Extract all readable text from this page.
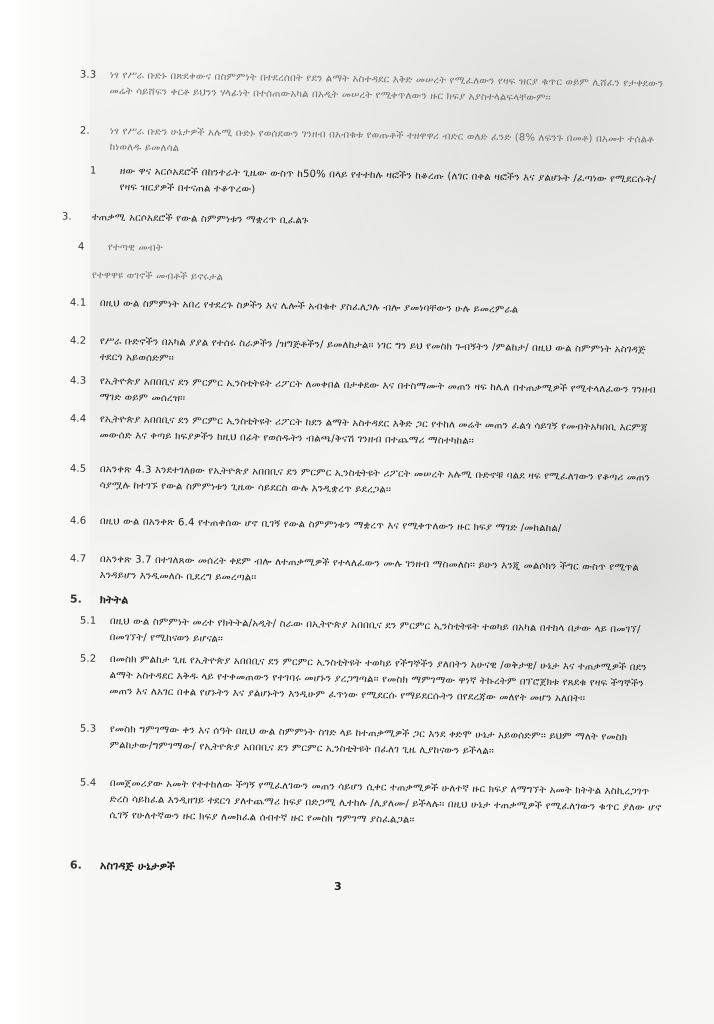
3.3 ነፃ የሥራ ቡድኑ በጽደቀውና በስምምነት በተደረሰበት የደን ልማት አስተዳደር እቅድ መሠረት የሚፈለውን የዛፍ ዝርያ ቁጥር ወይም ሊሸፈን የታቀደውን መሬት ሳይሸፍን ቀርቶ ይህንን ሃላፊነት በተሰጠውአካል በአዲት መሠረት የሚቀጥለውን ዙር ክፍያ አያስተላልፍላቸውም፡፡
2. ነፃ የሥራ ቡድን ሁኔታዎች አሉሚ ቡድኑ የወሰደውን ገንዘብ በአብቁቱ የወጡቶች ተዘዋዋሪ ብድር ወለድ ፈንድ (8% ለፍንጉ በመቶ) በአመተ ተሰልቶ ከነወለዱ ይመለሳል
1 ዘው ዋና አርሶአደሮች በከንተራት ጊዜው ውስጥ ከ50% በላይ የተተከሉ ዛፎችን ከቆረጡ (ለገር በቀል ዛፎችን እና ያልሆኑት /ፈጣነው የሚደርሱት/ የዛፍ ዝርያዎች በተናጠል ተቆጥረው)
3. ተጠቃሚ አርሶአደሮች የውል ስምምነቱን ማቋረጥ ቢፈልጉ
4 የተጣዊ መብት
የተዋዋዩ ወገኖች መብቶች ይኖሩታል
4.1 በዚህ ውል ስምምነት አበረ የተደረጉ ስዎችን እና ሌሎች አብቁተ ያስፈለጋሉ ብሎ ያመነባቸውን ሁሉ ይመረምራል
4.2 የሥራ ቡድኖችን በአካል ያያል የተሰሩ ስራዎችን /ዝግጅቶችን/ ይመለከታል፡፡ ነገር ግን ይህ የመስክ ጉብኝትን /ምልከታ/ በዚህ ውል ስምምነት አስገዳጅ ተደርጎ አይወሰድም፡፡
4.3 የኢትዮጵያ አበበቢና ደን ምርምር ኢንስቲትዩት ሪፖርት ለመቀበል በታቀደው እና በተስማሙት መጠን ዛፍ ከሌለ በተጠቃሚዎች የሚተላለፈውን ገንዘብ ማገድ ወይም መሰረዝ፡፡
4.4 የኢትዮጵያ አበበቢና ደን ምርምር ኢንስቲትዩት ሪፖርት ከደን ልማት አስተዳደር እቅድ ጋር የተከለ መሬት መጠን ፈልጎ ሳይገኝ የመብትአካበቢ እርምጃ መውሰድ እና ቀጣይ ክፍያዎችን ከዚህ በፊት የወሰዱትን ብልጫ/ቅናሽ ገንዘብ በተጨማሪ ማስተካከል፡፡
4.5 በአንቀጽ 4.3 እንደተገለፀው የኢትዮጵያ አበበቢና ደን ምርምር ኢንስቲትዩት ሪፖርት መሠረት አሉሚ ቡድኖቹ ባልደ ዛፍ የሚፈለገውን የቆጣሪ መጠን ሳያሟሉ ከተገኙ የውል ስምምነቱን ጊዜው ሳይደርስ ውሉ እንዲቋረጥ ይደረጋል፡፡
4.6 በዚህ ውል በአንቀጽ 6.4 የተጠቀሰው ሆኖ ቢገኝ የውል ስምምነቱን ማቋረጥ እና የሚቀጥለውን ዙር ክፍያ ማገድ /መከልከል/
4.7 በአንቀጽ 3.7 በተገለጸው መሰረት ቀደም ብሎ ለተጠቃሚዎች የተላለፈውን ሙሉ ገንዘብ ማስመለስ፡፡ ይሁን እንጂ መልሶክን ችግር ውስጥ የሚጥል እንዳይሆን እንዲመለሱ ቢደረግ ይመረጣል፡፡
5. ክትትል
5.1 በዚህ ውል ስምምነት መረተ የክትትል/አዲት/ ስራው በኢትዮጵያ አበበቢና ደን ምርምር ኢንስቲትዩት ተወካይ በአካል በተከላ በታው ላይ በመገኘ/በመገኘት/ የሚከናወን ይሆናል፡፡
5.2 በመስክ ምልከታ ጊዜ የኢትዮጵያ አበበቢና ደን ምርምር ኢንስቲትዩት ተወካይ የችግኞችን ያለበትን አሁናዊ /ወቅታዊ/ ሁኔታ እና ተጠቃሚዎች በደን ልማት አስተዳደር እቅዱ ላይ የተቀመጠውን የተገባሩ መሆኑን ያረጋግጣል፡፡ የመስክ ማምገማው ዋነኛ ትኩረትም በፕሮጀክቱ የጸደቁ የዛፍ ችግኞችን መጠን እና ለአገር በቀል የሆኑትን እና ያልሆኑትን እንዲሁም ፈጥነው የሚደርሱ የማይደርሱትን በየደረጃው መለየት መሆን አለበት፡፡
5.3 የመስክ ግምገማው ቀን እና ሰዓት በዚህ ውል ስምምነት ስገድ ላይ ከተጠቃሚዎች ጋር እንደ ቀድሞ ሁኔታ አይወሰድም፡፡ ይህም ማለት የመስክ ምልከታው/ግምገማው/ የኢትዮጵያ አበበቢና ደን ምርምር ኢንስቲትዩት በፈለገ ጊዜ ሊያከናውን ይችላል፡፡
5.4 በመጀመሪያው አመት የተተከለው ችግኝ የሚፈለገውን መጠን ሳይሆን ሲቀር ተጠቃሚዎች ሁለተኛ ዙር ክፍያ ለማግኘት አመት ክትትል እስኪረጋገጥ ድረስ ሳይከፈል እንዲዘገይ ተደርጎ ያለተጨማሪ ክፍያ በድጋሚ ሊተከሉ /ሊያለሙ/ ይችላሉ፡፡ በዚህ ሁኔታ ተጠቃሚዎች የሚፈለገውን ቁጥር ያለው ሆኖ ሲገኝ የሁለተኛውን ዙር ክፍያ ለመክፈል ሰብተኛ ዙር የመስክ ግምገማ ያስፈልጋል፡፡
6. አስገዳጅ ሁኔታዎች
3
